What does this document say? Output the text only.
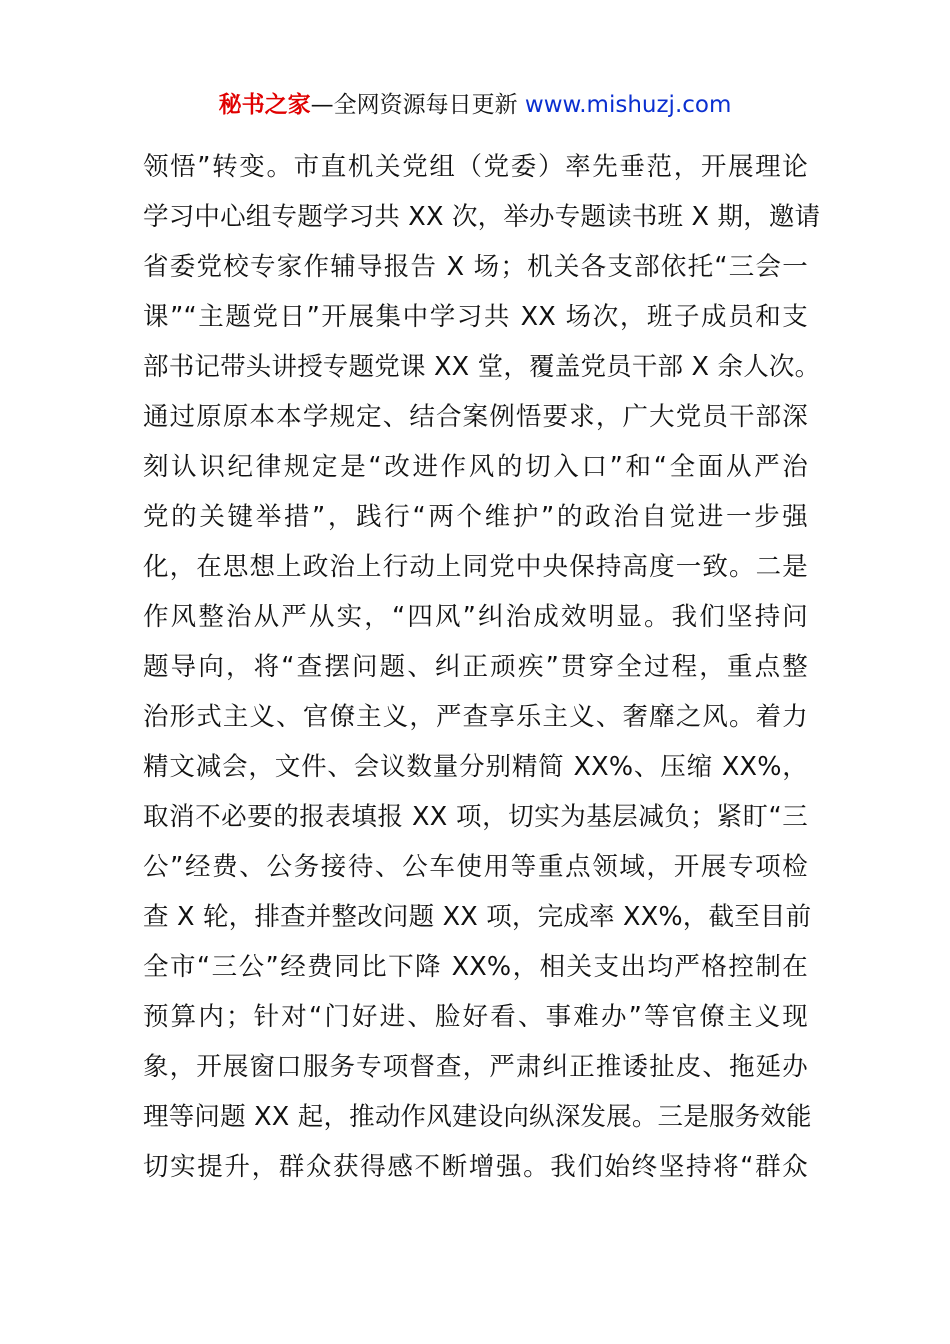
秘书之家—全网资源每日更新 www.mishuzj.com
领悟”转变。市直机关党组（党委）率先垂范，开展理论
学习中心组专题学习共 XX 次，举办专题读书班 X 期，邀请
省委党校专家作辅导报告 X 场；机关各支部依托“三会一
课”“主题党日”开展集中学习共 XX 场次，班子成员和支
部书记带头讲授专题党课 XX 堂，覆盖党员干部 X 余人次。
通过原原本本学规定、结合案例悟要求，广大党员干部深
刻认识纪律规定是“改进作风的切入口”和“全面从严治
党的关键举措”，践行“两个维护”的政治自觉进一步强
化，在思想上政治上行动上同党中央保持高度一致。二是
作风整治从严从实，“四风”纠治成效明显。我们坚持问
题导向，将“查摆问题、纠正顽疾”贯穿全过程，重点整
治形式主义、官僚主义，严查享乐主义、奢靡之风。着力
精文减会，文件、会议数量分别精简 XX%、压缩 XX%，
取消不必要的报表填报 XX 项，切实为基层减负；紧盯“三
公”经费、公务接待、公车使用等重点领域，开展专项检
查 X 轮，排查并整改问题 XX 项，完成率 XX%，截至目前
全市“三公”经费同比下降 XX%，相关支出均严格控制在
预算内；针对“门好进、脸好看、事难办”等官僚主义现
象，开展窗口服务专项督查，严肃纠正推诿扯皮、拖延办
理等问题 XX 起，推动作风建设向纵深发展。三是服务效能
切实提升，群众获得感不断增强。我们始终坚持将“群众
